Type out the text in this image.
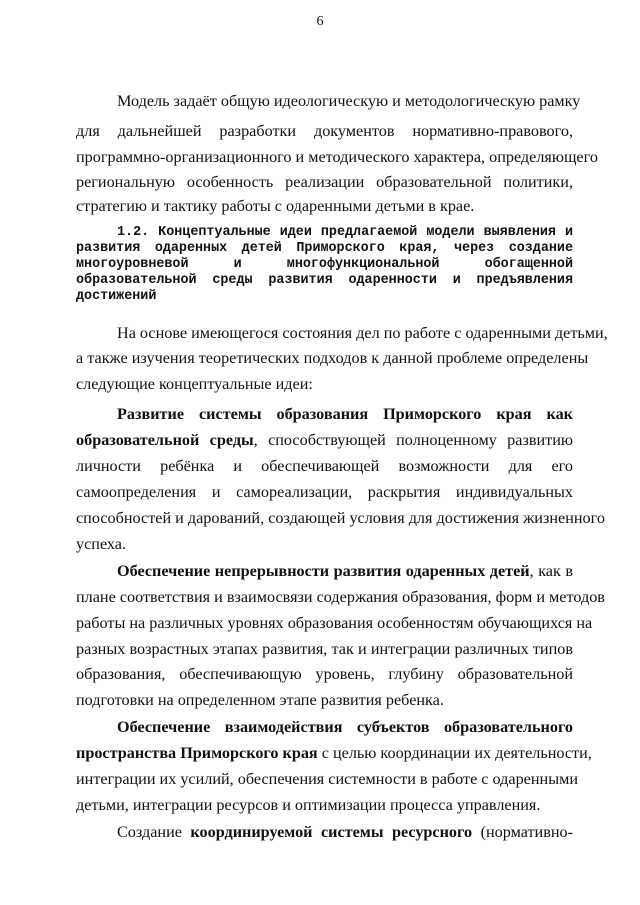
6
Модель задаёт общую идеологическую и методологическую рамку
для дальнейшей разработки документов нормативно-правового,
программно-организационного и методического характера, определяющего
региональную особенность реализации образовательной политики,
стратегию и тактику работы с одаренными детьми в крае.
1.2. Концептуальные идеи предлагаемой модели выявления и
развития одаренных детей Приморского края, через создание
многоуровневой и многофункциональной обогащенной
образовательной среды развития одаренности и предъявления
достижений
На основе имеющегося состояния дел по работе с одаренными детьми,
а также изучения теоретических подходов к данной проблеме определены
следующие концептуальные идеи:
Развитие системы образования Приморского края как
образовательной среды, способствующей полноценному развитию
личности ребёнка и обеспечивающей возможности для его
самоопределения и самореализации, раскрытия индивидуальных
способностей и дарований, создающей условия для достижения жизненного
успеха.
Обеспечение непрерывности развития одаренных детей, как в
плане соответствия и взаимосвязи содержания образования, форм и методов
работы на различных уровнях образования особенностям обучающихся на
разных возрастных этапах развития, так и интеграции различных типов
образования, обеспечивающую уровень, глубину образовательной
подготовки на определенном этапе развития ребенка.
Обеспечение взаимодействия субъектов образовательного
пространства Приморского края с целью координации их деятельности,
интеграции их усилий, обеспечения системности в работе с одаренными
детьми, интеграции ресурсов и оптимизации процесса управления.
Создание координируемой системы ресурсного (нормативно-
